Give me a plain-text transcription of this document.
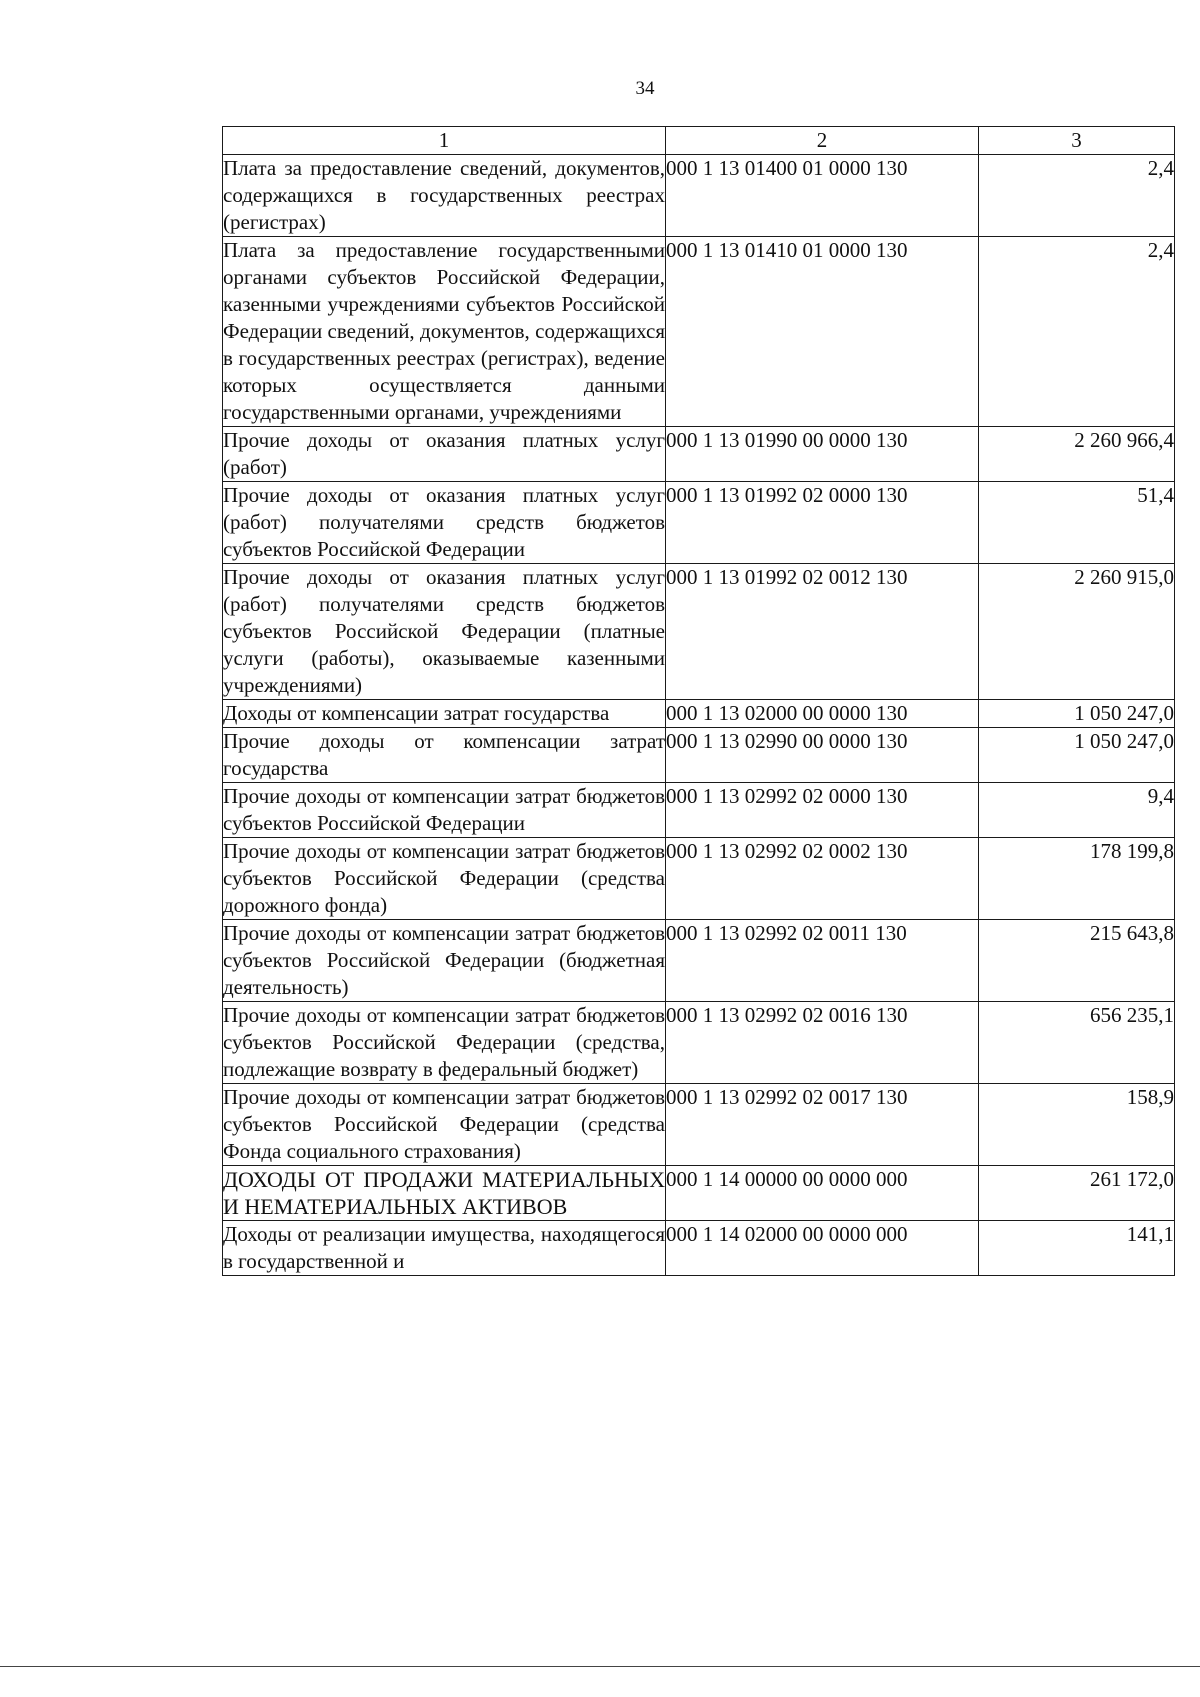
34
1	2	3
Плата за предоставление сведений, документов, содержащихся в государственных реестрах (регистрах)	000 1 13 01400 01 0000 130	2,4
Плата за предоставление государственными органами субъектов Российской Федерации, казенными учреждениями субъектов Российской Федерации сведений, документов, содержащихся в государственных реестрах (регистрах), ведение которых осуществляется данными государственными органами, учреждениями	000 1 13 01410 01 0000 130	2,4
Прочие доходы от оказания платных услуг (работ)	000 1 13 01990 00 0000 130	2 260 966,4
Прочие доходы от оказания платных услуг (работ) получателями средств бюджетов субъектов Российской Федерации	000 1 13 01992 02 0000 130	51,4
Прочие доходы от оказания платных услуг (работ) получателями средств бюджетов субъектов Российской Федерации (платные услуги (работы), оказываемые казенными учреждениями)	000 1 13 01992 02 0012 130	2 260 915,0
Доходы от компенсации затрат государства	000 1 13 02000 00 0000 130	1 050 247,0
Прочие доходы от компенсации затрат государства	000 1 13 02990 00 0000 130	1 050 247,0
Прочие доходы от компенсации затрат бюджетов субъектов Российской Федерации	000 1 13 02992 02 0000 130	9,4
Прочие доходы от компенсации затрат бюджетов субъектов Российской Федерации (средства дорожного фонда)	000 1 13 02992 02 0002 130	178 199,8
Прочие доходы от компенсации затрат бюджетов субъектов Российской Федерации (бюджетная деятельность)	000 1 13 02992 02 0011 130	215 643,8
Прочие доходы от компенсации затрат бюджетов субъектов Российской Федерации (средства, подлежащие возврату в федеральный бюджет)	000 1 13 02992 02 0016 130	656 235,1
Прочие доходы от компенсации затрат бюджетов субъектов Российской Федерации (средства Фонда социального страхования)	000 1 13 02992 02 0017 130	158,9
ДОХОДЫ ОТ ПРОДАЖИ МАТЕРИАЛЬНЫХ И НЕМАТЕРИАЛЬНЫХ АКТИВОВ	000 1 14 00000 00 0000 000	261 172,0
Доходы от реализации имущества, находящегося в государственной и	000 1 14 02000 00 0000 000	141,1
